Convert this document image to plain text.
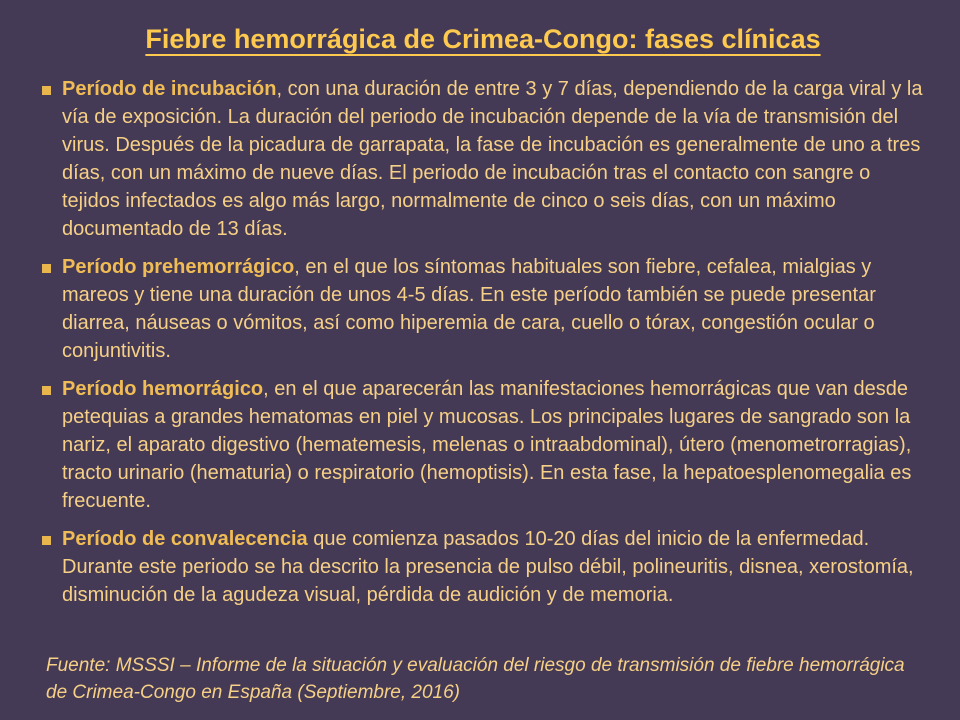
Fiebre hemorrágica de Crimea-Congo: fases clínicas
Período de incubación, con una duración de entre 3 y 7 días, dependiendo de la carga viral y la vía de exposición. La duración del periodo de incubación depende de la vía de transmisión del virus. Después de la picadura de garrapata, la fase de incubación es generalmente de uno a tres días, con un máximo de nueve días. El periodo de incubación tras el contacto con sangre o tejidos infectados es algo más largo, normalmente de cinco o seis días, con un máximo documentado de 13 días.
Período prehemorrágico, en el que los síntomas habituales son fiebre, cefalea, mialgias y mareos y tiene una duración de unos 4-5 días. En este período también se puede presentar diarrea, náuseas o vómitos, así como hiperemia de cara, cuello o tórax, congestión ocular o conjuntivitis.
Período hemorrágico, en el que aparecerán las manifestaciones hemorrágicas que van desde petequias a grandes hematomas en piel y mucosas. Los principales lugares de sangrado son la nariz, el aparato digestivo (hematemesis, melenas o intraabdominal), útero (menometrorragias), tracto urinario (hematuria) o respiratorio (hemoptisis). En esta fase, la hepatoesplenomegalia es frecuente.
Período de convalecencia que comienza pasados 10-20 días del inicio de la enfermedad. Durante este periodo se ha descrito la presencia de pulso débil, polineuritis, disnea, xerostomía, disminución de la agudeza visual, pérdida de audición y de memoria.

Fuente: MSSSI – Informe de la situación y evaluación del riesgo de transmisión de fiebre hemorrágica de Crimea-Congo en España (Septiembre, 2016)
